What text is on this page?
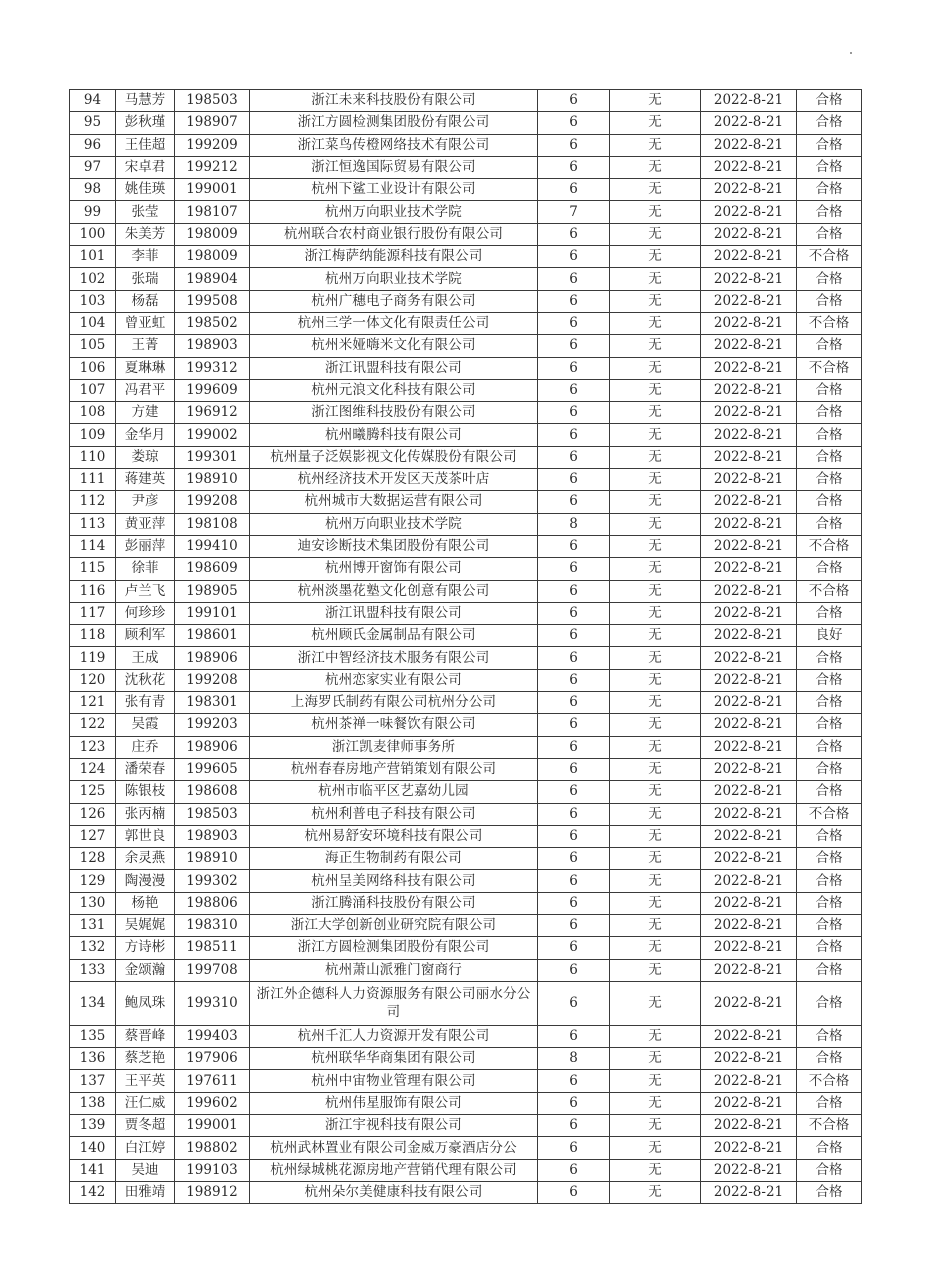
94	马慧芳	198503	浙江未来科技股份有限公司	6	无	2022-8-21	合格
95	彭秋瑾	198907	浙江方圆检测集团股份有限公司	6	无	2022-8-21	合格
96	王佳超	199209	浙江菜鸟传橙网络技术有限公司	6	无	2022-8-21	合格
97	宋卓君	199212	浙江恒逸国际贸易有限公司	6	无	2022-8-21	合格
98	姚佳瑛	199001	杭州下鲨工业设计有限公司	6	无	2022-8-21	合格
99	张莹	198107	杭州万向职业技术学院	7	无	2022-8-21	合格
100	朱美芳	198009	杭州联合农村商业银行股份有限公司	6	无	2022-8-21	合格
101	李菲	198009	浙江梅萨纳能源科技有限公司	6	无	2022-8-21	不合格
102	张瑞	198904	杭州万向职业技术学院	6	无	2022-8-21	合格
103	杨磊	199508	杭州广穗电子商务有限公司	6	无	2022-8-21	合格
104	曾亚虹	198502	杭州三学一体文化有限责任公司	6	无	2022-8-21	不合格
105	王菁	198903	杭州米娅嗨米文化有限公司	6	无	2022-8-21	合格
106	夏琳琳	199312	浙江讯盟科技有限公司	6	无	2022-8-21	不合格
107	冯君平	199609	杭州元浪文化科技有限公司	6	无	2022-8-21	合格
108	方建	196912	浙江图维科技股份有限公司	6	无	2022-8-21	合格
109	金华月	199002	杭州曦腾科技有限公司	6	无	2022-8-21	合格
110	娄琼	199301	杭州量子泛娱影视文化传媒股份有限公司	6	无	2022-8-21	合格
111	蒋建英	198910	杭州经济技术开发区天茂茶叶店	6	无	2022-8-21	合格
112	尹彦	199208	杭州城市大数据运营有限公司	6	无	2022-8-21	合格
113	黄亚萍	198108	杭州万向职业技术学院	8	无	2022-8-21	合格
114	彭丽萍	199410	迪安诊断技术集团股份有限公司	6	无	2022-8-21	不合格
115	徐菲	198609	杭州博开窗饰有限公司	6	无	2022-8-21	合格
116	卢兰飞	198905	杭州淡墨花塾文化创意有限公司	6	无	2022-8-21	不合格
117	何珍珍	199101	浙江讯盟科技有限公司	6	无	2022-8-21	合格
118	顾利军	198601	杭州顾氏金属制品有限公司	6	无	2022-8-21	良好
119	王成	198906	浙江中智经济技术服务有限公司	6	无	2022-8-21	合格
120	沈秋花	199208	杭州恋家实业有限公司	6	无	2022-8-21	合格
121	张有青	198301	上海罗氏制药有限公司杭州分公司	6	无	2022-8-21	合格
122	吴霞	199203	杭州茶禅一味餐饮有限公司	6	无	2022-8-21	合格
123	庄乔	198906	浙江凯麦律师事务所	6	无	2022-8-21	合格
124	潘荣春	199605	杭州春春房地产营销策划有限公司	6	无	2022-8-21	合格
125	陈银枝	198608	杭州市临平区艺嘉幼儿园	6	无	2022-8-21	合格
126	张丙楠	198503	杭州利普电子科技有限公司	6	无	2022-8-21	不合格
127	郭世良	198903	杭州易舒安环境科技有限公司	6	无	2022-8-21	合格
128	余灵燕	198910	海正生物制药有限公司	6	无	2022-8-21	合格
129	陶漫漫	199302	杭州呈美网络科技有限公司	6	无	2022-8-21	合格
130	杨艳	198806	浙江腾涌科技股份有限公司	6	无	2022-8-21	合格
131	吴娓娓	198310	浙江大学创新创业研究院有限公司	6	无	2022-8-21	合格
132	方诗彬	198511	浙江方圆检测集团股份有限公司	6	无	2022-8-21	合格
133	金颂瀚	199708	杭州萧山派雅门窗商行	6	无	2022-8-21	合格
134	鲍凤珠	199310	浙江外企德科人力资源服务有限公司丽水分公司	6	无	2022-8-21	合格
135	蔡晋峰	199403	杭州千汇人力资源开发有限公司	6	无	2022-8-21	合格
136	蔡芝艳	197906	杭州联华华商集团有限公司	8	无	2022-8-21	合格
137	王平英	197611	杭州中宙物业管理有限公司	6	无	2022-8-21	不合格
138	汪仁威	199602	杭州伟星服饰有限公司	6	无	2022-8-21	合格
139	贾冬超	199001	浙江宇视科技有限公司	6	无	2022-8-21	不合格
140	白江婷	198802	杭州武林置业有限公司金威万豪酒店分公	6	无	2022-8-21	合格
141	吴迪	199103	杭州绿城桃花源房地产营销代理有限公司	6	无	2022-8-21	合格
142	田雅靖	198912	杭州朵尔美健康科技有限公司	6	无	2022-8-21	合格
